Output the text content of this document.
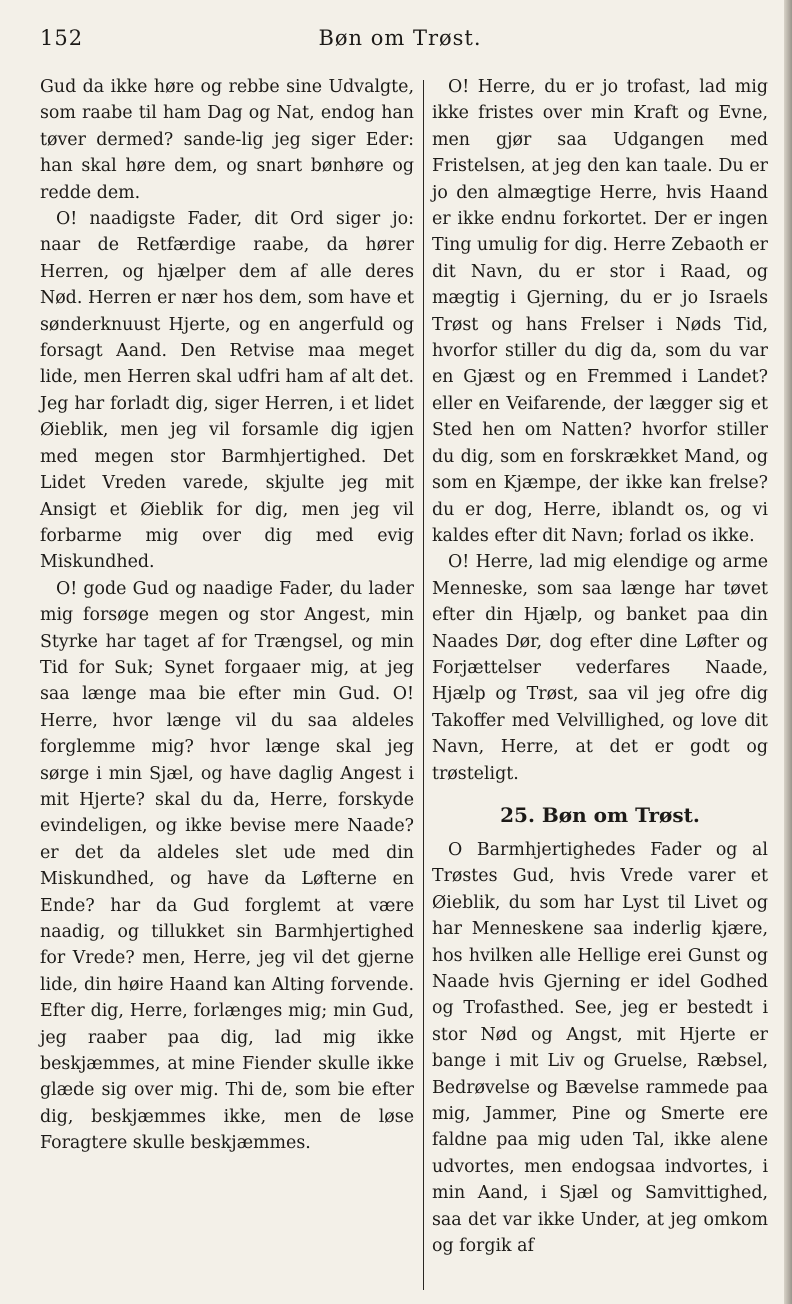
152	Bøn om Trøst.

Gud da ikke høre og rebbe sine Udvalgte, som raabe til ham Dag og Nat, endog han tøver dermed? sande-lig jeg siger Eder: han skal høre dem, og snart bønhøre og redde dem.

O! naadigste Fader, dit Ord siger jo: naar de Retfærdige raabe, da hører Herren, og hjælper dem af alle deres Nød. Herren er nær hos dem, som have et sønderknuust Hjerte, og en angerfuld og forsagt Aand. Den Retvise maa meget lide, men Herren skal udfri ham af alt det. Jeg har forladt dig, siger Herren, i et lidet Øieblik, men jeg vil forsamle dig igjen med megen stor Barmhjertighed. Det Lidet Vreden varede, skjulte jeg mit Ansigt et Øieblik for dig, men jeg vil forbarme mig over dig med evig Miskundhed.

O! gode Gud og naadige Fader, du lader mig forsøge megen og stor Angest, min Styrke har taget af for Trængsel, og min Tid for Suk; Synet forgaaer mig, at jeg saa længe maa bie efter min Gud. O! Herre, hvor længe vil du saa aldeles forglemme mig? hvor længe skal jeg sørge i min Sjæl, og have daglig Angest i mit Hjerte? skal du da, Herre, forskyde evindeligen, og ikke bevise mere Naade? er det da aldeles slet ude med din Miskundhed, og have da Løfterne en Ende? har da Gud forglemt at være naadig, og tillukket sin Barmhjertighed for Vrede? men, Herre, jeg vil det gjerne lide, din høire Haand kan Alting forvende. Efter dig, Herre, forlænges mig; min Gud, jeg raaber paa dig, lad mig ikke beskjæmmes, at mine Fiender skulle ikke glæde sig over mig. Thi de, som bie efter dig, beskjæmmes ikke, men de løse Foragtere skulle beskjæmmes.

O! Herre, du er jo trofast, lad mig ikke fristes over min Kraft og Evne, men gjør saa Udgangen med Fristelsen, at jeg den kan taale. Du er jo den almægtige Herre, hvis Haand er ikke endnu forkortet. Der er ingen Ting umulig for dig. Herre Zebaoth er dit Navn, du er stor i Raad, og mægtig i Gjerning, du er jo Israels Trøst og hans Frelser i Nøds Tid, hvorfor stiller du dig da, som du var en Gjæst og en Fremmed i Landet? eller en Veifarende, der lægger sig et Sted hen om Natten? hvorfor stiller du dig, som en forskrækket Mand, og som en Kjæmpe, der ikke kan frelse? du er dog, Herre, iblandt os, og vi kaldes efter dit Navn; forlad os ikke.

O! Herre, lad mig elendige og arme Menneske, som saa længe har tøvet efter din Hjælp, og banket paa din Naades Dør, dog efter dine Løfter og Forjættelser vederfares Naade, Hjælp og Trøst, saa vil jeg ofre dig Takoffer med Velvillighed, og love dit Navn, Herre, at det er godt og trøsteligt.

25. Bøn om Trøst.

O Barmhjertighedes Fader og al Trøstes Gud, hvis Vrede varer et Øieblik, du som har Lyst til Livet og har Menneskene saa inderlig kjære, hos hvilken alle Hellige erei Gunst og Naade hvis Gjerning er idel Godhed og Trofasthed. See, jeg er bestedt i stor Nød og Angst, mit Hjerte er bange i mit Liv og Gruelse, Ræbsel, Bedrøvelse og Bævelse rammede paa mig, Jammer, Pine og Smerte ere faldne paa mig uden Tal, ikke alene udvortes, men endogsaa indvortes, i min Aand, i Sjæl og Samvittighed, saa det var ikke Under, at jeg omkom og forgik af
